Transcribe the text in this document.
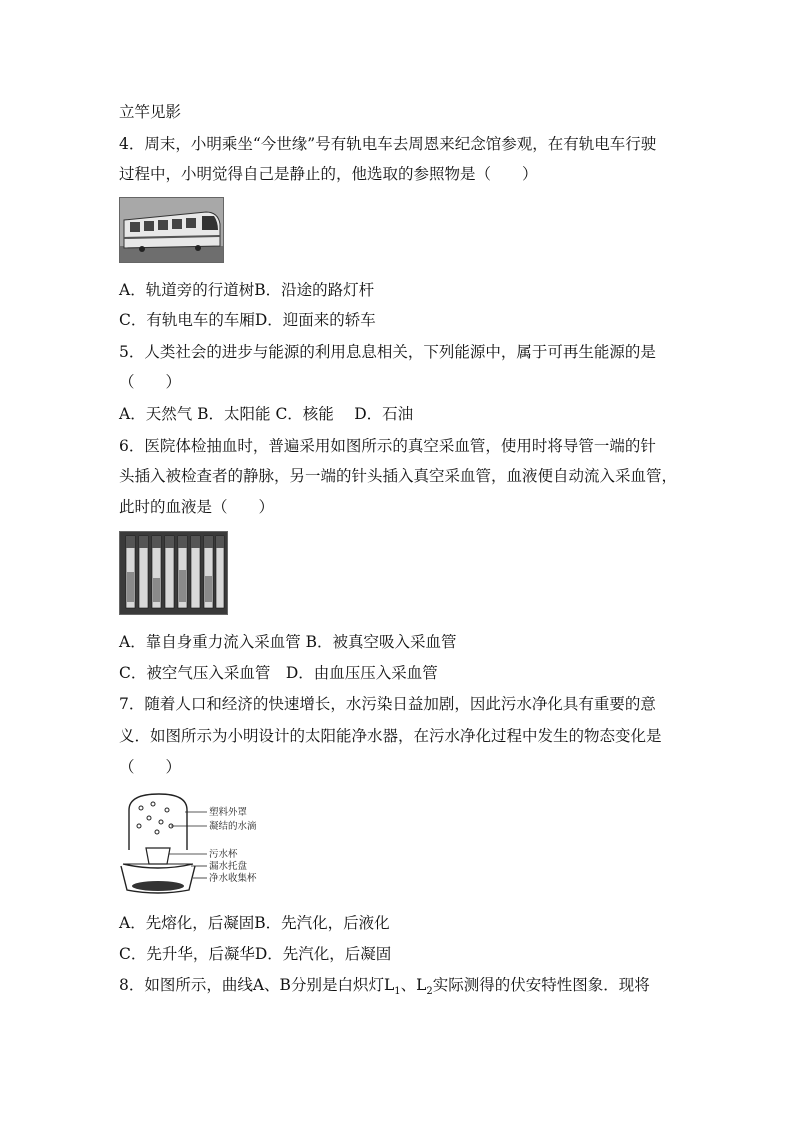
立竿见影
4．周末，小明乘坐“今世缘”号有轨电车去周恩来纪念馆参观，在有轨电车行驶
过程中，小明觉得自己是静止的，他选取的参照物是（　　）
A．轨道旁的行道树B．沿途的路灯杆
C．有轨电车的车厢D．迎面来的轿车
5．人类社会的进步与能源的利用息息相关，下列能源中，属于可再生能源的是
（　　）
A．天然气 B．太阳能 C．核能　 D．石油
6．医院体检抽血时，普遍采用如图所示的真空采血管，使用时将导管一端的针
头插入被检查者的静脉，另一端的针头插入真空采血管，血液便自动流入采血管，
此时的血液是（　　）
A．靠自身重力流入采血管 B．被真空吸入采血管
C．被空气压入采血管　D．由血压压入采血管
7．随着人口和经济的快速增长，水污染日益加剧，因此污水净化具有重要的意
义．如图所示为小明设计的太阳能净水器，在污水净化过程中发生的物态变化是
（　　）
塑料外罩
凝结的水滴
污水杯
漏水托盘
净水收集杯
A．先熔化，后凝固B．先汽化，后液化
C．先升华，后凝华D．先汽化，后凝固
8．如图所示，曲线A、B分别是白炽灯$L_1$、$L_2$实际测得的伏安特性图象．现将
